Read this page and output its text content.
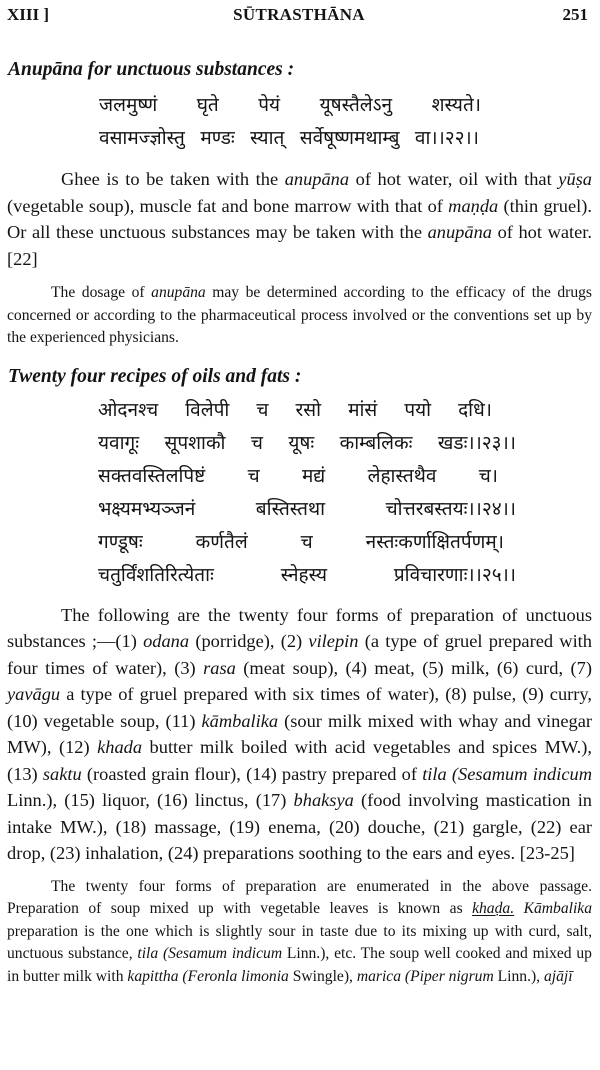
XIII ]	SŪTRASTHĀNA	251
Anupāna for unctuous substances :
जलमुष्णं घृते पेयं यूषस्तैलेऽनु शस्यते।
वसामज्ज्ञोस्तु मण्डः स्यात् सर्वेषूष्णमथाम्बु वा।।२२।।

Ghee is to be taken with the anupāna of hot water, oil with that yūṣa (vegetable soup), muscle fat and bone marrow with that of maṇḍa (thin gruel). Or all these unctuous substances may be taken with the anupāna of hot water. [22]

The dosage of anupāna may be determined according to the efficacy of the drugs concerned or according to the pharmaceutical process involved or the conventions set up by the experienced physicians.

Twenty four recipes of oils and fats :
ओदनश्च विलेपी च रसो मांसं पयो दधि।
यवागूः सूपशाकौ च यूषः काम्बलिकः खडः।।२३।।
सक्तवस्तिलपिष्टं च मद्यं लेहास्तथैव च।
भक्ष्यमभ्यञ्जनं	बस्तिस्तथा	चोत्तरबस्तयः।।२४।।
गण्डूषः	कर्णतैलं	च	नस्तःकर्णाक्षितर्पणम्।
चतुर्विंशतिरित्येताः	स्नेहस्य	प्रविचारणाः।।२५।।

The following are the twenty four forms of preparation of unctuous substances ;—(1) odana (porridge), (2) vilepin (a type of gruel prepared with four times of water), (3) rasa (meat soup), (4) meat, (5) milk, (6) curd, (7) yavāgu a type of gruel prepared with six times of water), (8) pulse, (9) curry, (10) vegetable soup, (11) kāmbalika (sour milk mixed with whay and vinegar MW), (12) khada butter milk boiled with acid vegetables and spices MW.), (13) saktu (roasted grain flour), (14) pastry prepared of tila (Sesamum indicum Linn.), (15) liquor, (16) linctus, (17) bhaksya (food involving mastication in intake MW.), (18) massage, (19) enema, (20) douche, (21) gargle, (22) ear drop, (23) inhalation, (24) preparations soothing to the ears and eyes. [23-25]

The twenty four forms of preparation are enumerated in the above passage. Preparation of soup mixed up with vegetable leaves is known as khaḍa. Kāmbalika preparation is the one which is slightly sour in taste due to its mixing up with curd, salt, unctuous substance, tila (Sesamum indicum Linn.), etc. The soup well cooked and mixed up in butter milk with kapittha (Feronla limonia Swingle), marica (Piper nigrum Linn.), ajājī
